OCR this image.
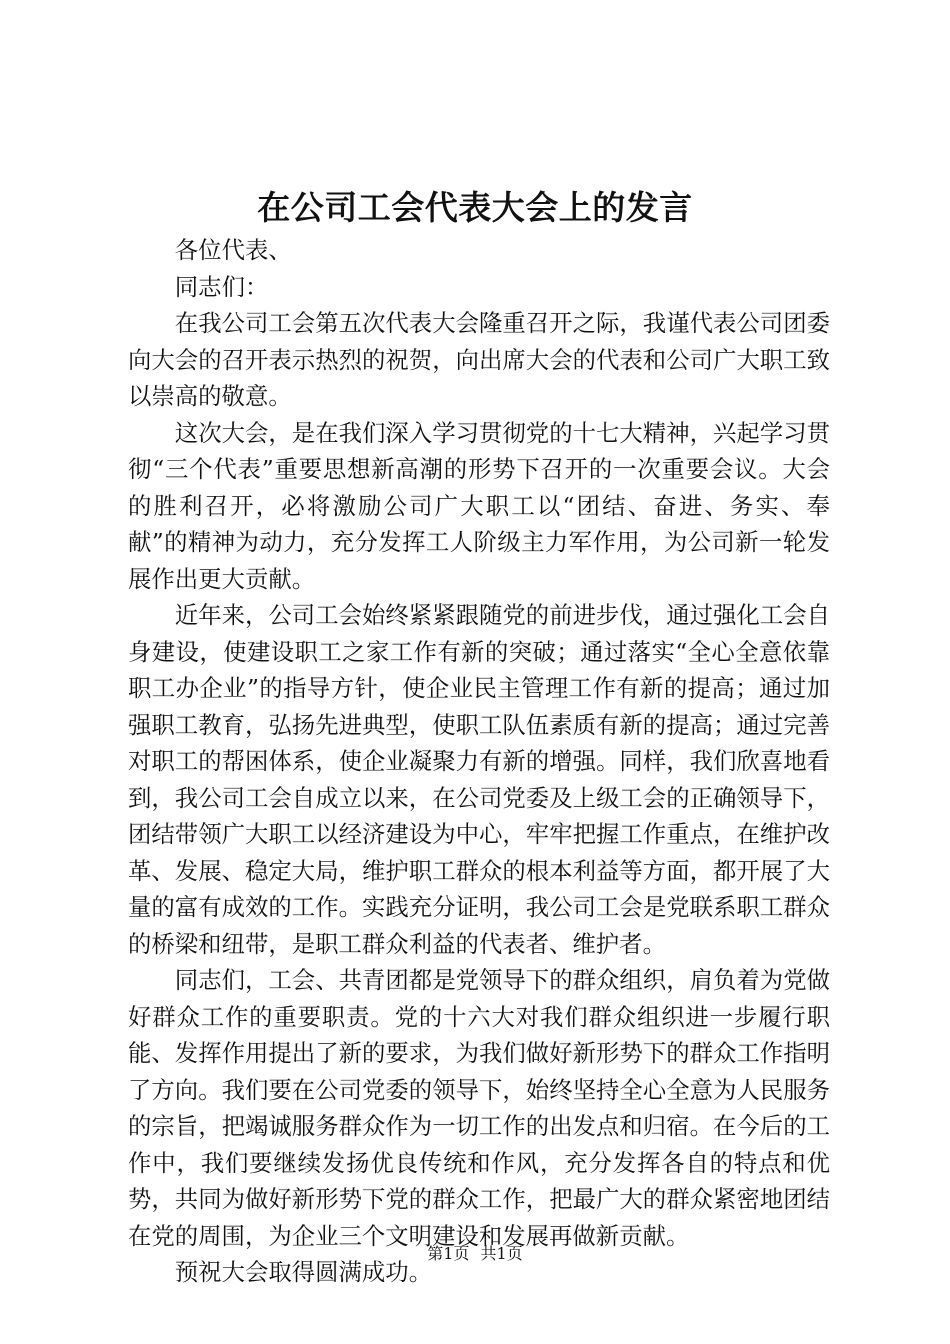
在公司工会代表大会上的发言

各位代表、

同志们：

在我公司工会第五次代表大会隆重召开之际，我谨代表公司团委向大会的召开表示热烈的祝贺，向出席大会的代表和公司广大职工致以崇高的敬意。

这次大会，是在我们深入学习贯彻党的十七大精神，兴起学习贯彻“三个代表”重要思想新高潮的形势下召开的一次重要会议。大会的胜利召开，必将激励公司广大职工以“团结、奋进、务实、奉献”的精神为动力，充分发挥工人阶级主力军作用，为公司新一轮发展作出更大贡献。

近年来，公司工会始终紧紧跟随党的前进步伐，通过强化工会自身建设，使建设职工之家工作有新的突破；通过落实“全心全意依靠职工办企业”的指导方针，使企业民主管理工作有新的提高；通过加强职工教育，弘扬先进典型，使职工队伍素质有新的提高；通过完善对职工的帮困体系，使企业凝聚力有新的增强。同样，我们欣喜地看到，我公司工会自成立以来，在公司党委及上级工会的正确领导下，团结带领广大职工以经济建设为中心，牢牢把握工作重点，在维护改革、发展、稳定大局，维护职工群众的根本利益等方面，都开展了大量的富有成效的工作。实践充分证明，我公司工会是党联系职工群众的桥梁和纽带，是职工群众利益的代表者、维护者。

同志们，工会、共青团都是党领导下的群众组织，肩负着为党做好群众工作的重要职责。党的十六大对我们群众组织进一步履行职能、发挥作用提出了新的要求，为我们做好新形势下的群众工作指明了方向。我们要在公司党委的领导下，始终坚持全心全意为人民服务的宗旨，把竭诚服务群众作为一切工作的出发点和归宿。在今后的工作中，我们要继续发扬优良传统和作风，充分发挥各自的特点和优势，共同为做好新形势下党的群众工作，把最广大的群众紧密地团结在党的周围，为企业三个文明建设和发展再做新贡献。

预祝大会取得圆满成功。

第1页 共1页
